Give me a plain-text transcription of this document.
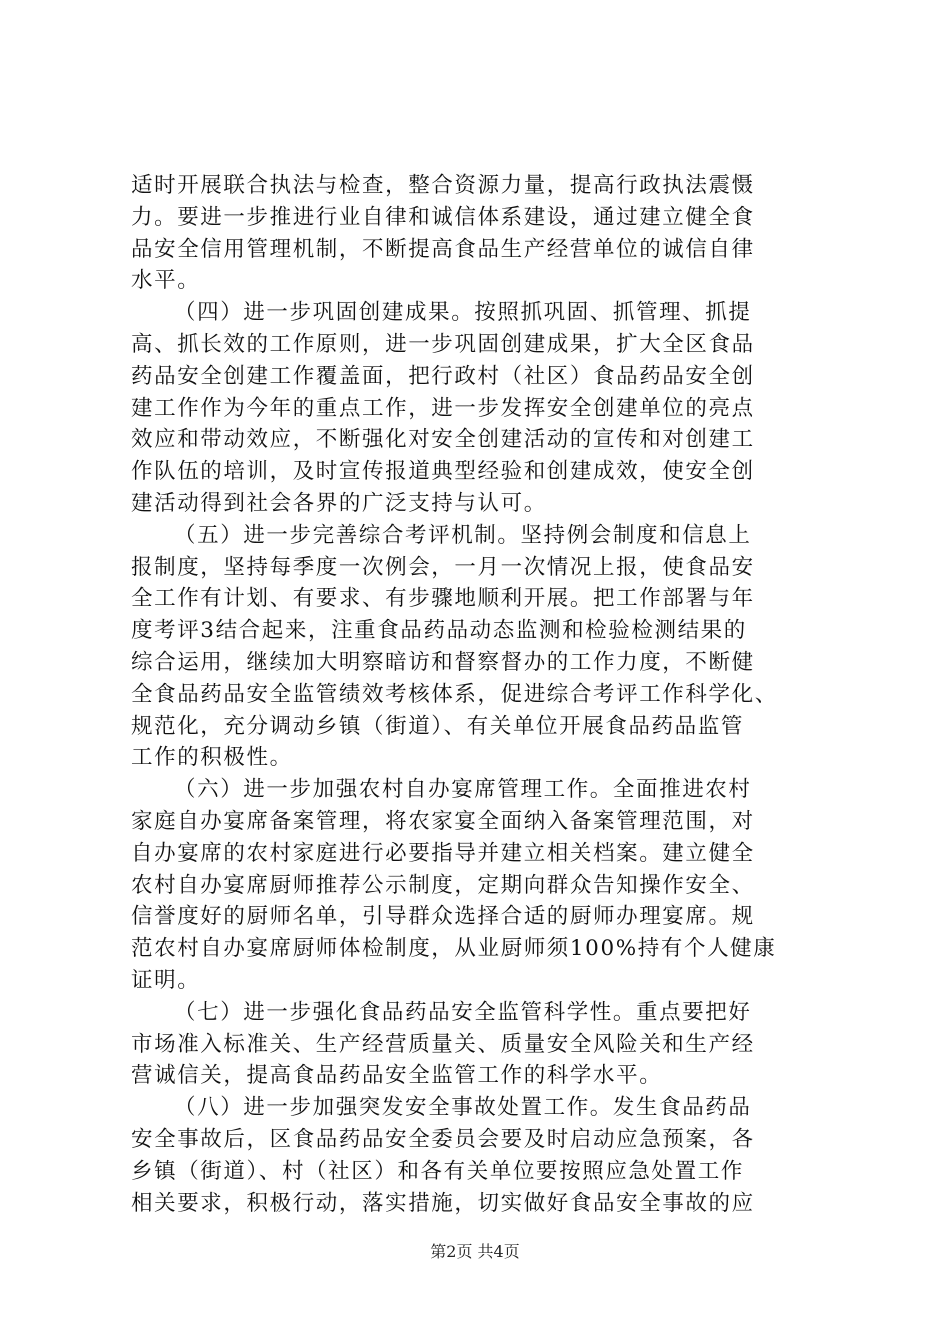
适时开展联合执法与检查，整合资源力量，提高行政执法震慑
力。要进一步推进行业自律和诚信体系建设，通过建立健全食
品安全信用管理机制，不断提高食品生产经营单位的诚信自律
水平。
（四）进一步巩固创建成果。按照抓巩固、抓管理、抓提
高、抓长效的工作原则，进一步巩固创建成果，扩大全区食品
药品安全创建工作覆盖面，把行政村（社区）食品药品安全创
建工作作为今年的重点工作，进一步发挥安全创建单位的亮点
效应和带动效应，不断强化对安全创建活动的宣传和对创建工
作队伍的培训，及时宣传报道典型经验和创建成效，使安全创
建活动得到社会各界的广泛支持与认可。
（五）进一步完善综合考评机制。坚持例会制度和信息上
报制度，坚持每季度一次例会，一月一次情况上报，使食品安
全工作有计划、有要求、有步骤地顺利开展。把工作部署与年
度考评3结合起来，注重食品药品动态监测和检验检测结果的
综合运用，继续加大明察暗访和督察督办的工作力度，不断健
全食品药品安全监管绩效考核体系，促进综合考评工作科学化、
规范化，充分调动乡镇（街道）、有关单位开展食品药品监管
工作的积极性。
（六）进一步加强农村自办宴席管理工作。全面推进农村
家庭自办宴席备案管理，将农家宴全面纳入备案管理范围，对
自办宴席的农村家庭进行必要指导并建立相关档案。建立健全
农村自办宴席厨师推荐公示制度，定期向群众告知操作安全、
信誉度好的厨师名单，引导群众选择合适的厨师办理宴席。规
范农村自办宴席厨师体检制度，从业厨师须100%持有个人健康
证明。
（七）进一步强化食品药品安全监管科学性。重点要把好
市场准入标准关、生产经营质量关、质量安全风险关和生产经
营诚信关，提高食品药品安全监管工作的科学水平。
（八）进一步加强突发安全事故处置工作。发生食品药品
安全事故后，区食品药品安全委员会要及时启动应急预案，各
乡镇（街道）、村（社区）和各有关单位要按照应急处置工作
相关要求，积极行动，落实措施，切实做好食品安全事故的应
第2页 共4页
